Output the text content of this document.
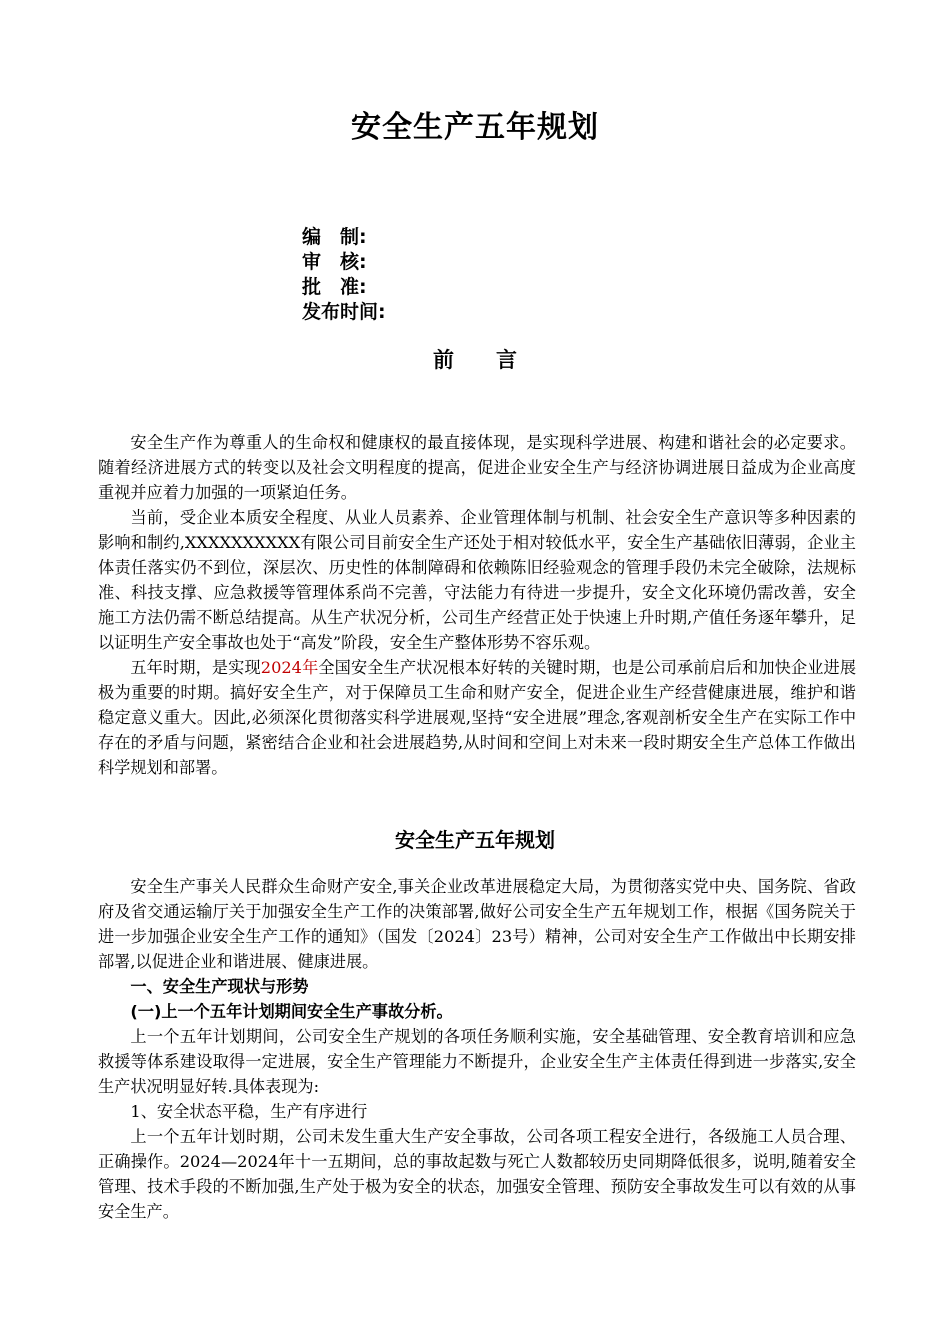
安全生产五年规划
编　制:
审　核:
批　准:
发布时间:
前　　言

安全生产作为尊重人的生命权和健康权的最直接体现，是实现科学进展、构建和谐社会的必定要求。随着经济进展方式的转变以及社会文明程度的提高，促进企业安全生产与经济协调进展日益成为企业高度重视并应着力加强的一项紧迫任务。

当前，受企业本质安全程度、从业人员素养、企业管理体制与机制、社会安全生产意识等多种因素的影响和制约,XXXXXXXXXX有限公司目前安全生产还处于相对较低水平，安全生产基础依旧薄弱，企业主体责任落实仍不到位，深层次、历史性的体制障碍和依赖陈旧经验观念的管理手段仍未完全破除，法规标准、科技支撑、应急救援等管理体系尚不完善，守法能力有待进一步提升，安全文化环境仍需改善，安全施工方法仍需不断总结提高。从生产状况分析，公司生产经营正处于快速上升时期,产值任务逐年攀升，足以证明生产安全事故也处于“高发”阶段，安全生产整体形势不容乐观。

五年时期，是实现2024年全国安全生产状况根本好转的关键时期，也是公司承前启后和加快企业进展极为重要的时期。搞好安全生产，对于保障员工生命和财产安全，促进企业生产经营健康进展，维护和谐稳定意义重大。因此,必须深化贯彻落实科学进展观,坚持“安全进展”理念,客观剖析安全生产在实际工作中存在的矛盾与问题，紧密结合企业和社会进展趋势,从时间和空间上对未来一段时期安全生产总体工作做出科学规划和部署。

安全生产五年规划

安全生产事关人民群众生命财产安全,事关企业改革进展稳定大局，为贯彻落实党中央、国务院、省政府及省交通运输厅关于加强安全生产工作的决策部署,做好公司安全生产五年规划工作，根据《国务院关于进一步加强企业安全生产工作的通知》（国发〔2024〕23号）精神，公司对安全生产工作做出中长期安排部署,以促进企业和谐进展、健康进展。

一、安全生产现状与形势

(一)上一个五年计划期间安全生产事故分析。

上一个五年计划期间，公司安全生产规划的各项任务顺利实施，安全基础管理、安全教育培训和应急救援等体系建设取得一定进展，安全生产管理能力不断提升，企业安全生产主体责任得到进一步落实,安全生产状况明显好转.具体表现为:

1、安全状态平稳，生产有序进行

上一个五年计划时期，公司未发生重大生产安全事故，公司各项工程安全进行，各级施工人员合理、正确操作。2024—2024年十一五期间，总的事故起数与死亡人数都较历史同期降低很多，说明,随着安全管理、技术手段的不断加强,生产处于极为安全的状态，加强安全管理、预防安全事故发生可以有效的从事安全生产。
